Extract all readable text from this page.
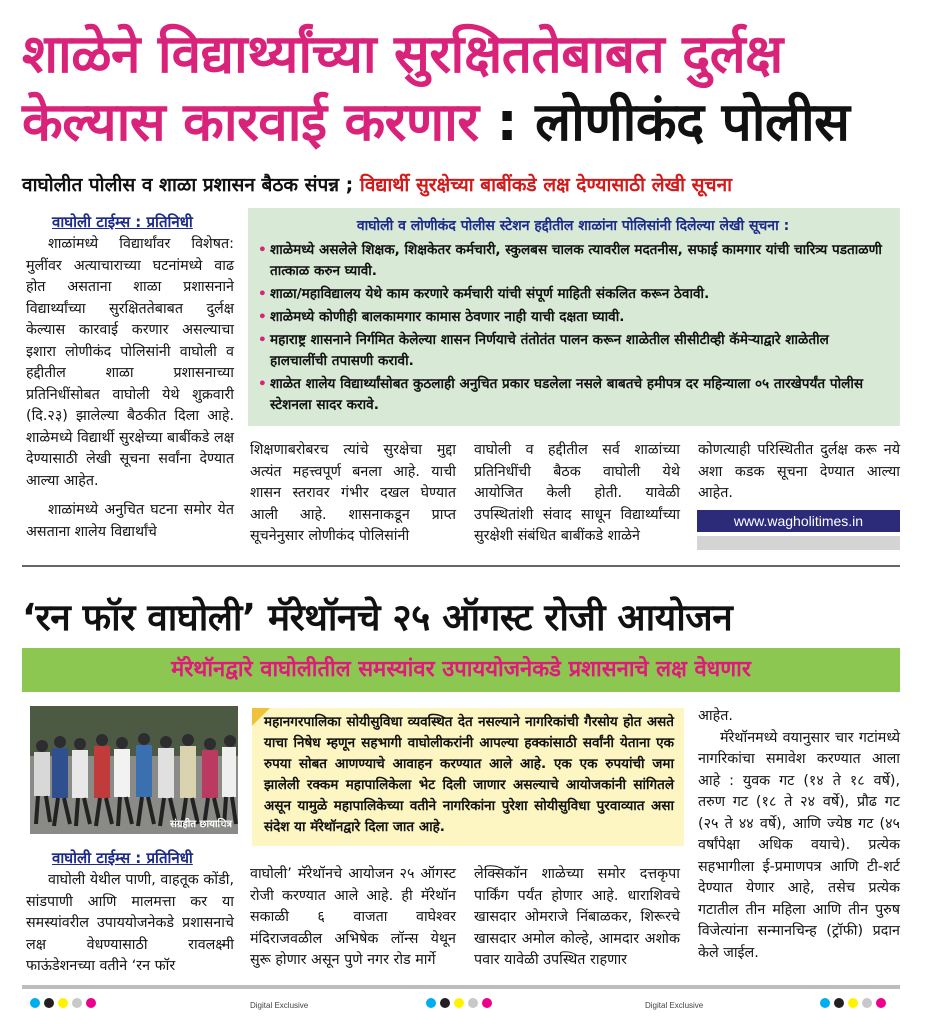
शाळेने विद्यार्थ्यांच्या सुरक्षिततेबाबत दुर्लक्ष
केल्यास कारवाई करणार : लोणीकंद पोलीस
वाघोलीत पोलीस व शाळा प्रशासन बैठक संपन्न ; विद्यार्थी सुरक्षेच्या बाबींकडे लक्ष देण्यासाठी लेखी सूचना
वाघोली टाईम्स : प्रतिनिधी

शाळांमध्ये विद्यार्थांवर विशेषत: मुलींवर अत्याचाराच्या घटनांमध्ये वाढ होत असताना शाळा प्रशासनाने विद्यार्थ्यांच्या सुरक्षिततेबाबत दुर्लक्ष केल्यास कारवाई करणार असल्याचा इशारा लोणीकंद पोलिसांनी वाघोली व हद्दीतील शाळा प्रशासनाच्या प्रतिनिधींसोबत वाघोली येथे शुक्रवारी (दि.२३) झालेल्या बैठकीत दिला आहे. शाळेमध्ये विद्यार्थी सुरक्षेच्या बाबींकडे लक्ष देण्यासाठी लेखी सूचना सर्वांना देण्यात आल्या आहेत.

शाळांमध्ये अनुचित घटना समोर येत असताना शालेय विद्यार्थांचे

वाघोली व लोणीकंद पोलीस स्टेशन हद्दीतील शाळांना पोलिसांनी दिलेल्या लेखी सूचना :
• शाळेमध्ये असलेले शिक्षक, शिक्षकेतर कर्मचारी, स्कुलबस चालक त्यावरील मदतनीस, सफाई कामगार यांची चारित्र्य पडताळणी तात्काळ करुन घ्यावी.
• शाळा/महाविद्यालय येथे काम करणारे कर्मचारी यांची संपूर्ण माहिती संकलित करून ठेवावी.
• शाळेमध्ये कोणीही बालकामगार कामास ठेवणार नाही याची दक्षता घ्यावी.
• महाराष्ट्र शासनाने निर्गमित केलेल्या शासन निर्णयाचे तंतोतंत पालन करून शाळेतील सीसीटीव्ही कॅमेऱ्याद्वारे शाळेतील हालचालींची तपासणी करावी.
• शाळेत शालेय विद्यार्थ्यांसोबत कुठलाही अनुचित प्रकार घडलेला नसले बाबतचे हमीपत्र दर महिन्याला ०५ तारखेपर्यंत पोलीस स्टेशनला सादर करावे.
शिक्षणाबरोबरच त्यांचे सुरक्षेचा मुद्दा अत्यंत महत्त्वपूर्ण बनला आहे. याची शासन स्तरावर गंभीर दखल घेण्यात आली आहे. शासनाकडून प्राप्त सूचनेनुसार लोणीकंद पोलिसांनी
वाघोली व हद्दीतील सर्व शाळांच्या प्रतिनिधींची बैठक वाघोली येथे आयोजित केली होती. यावेळी उपस्थितांशी संवाद साधून विद्यार्थ्यांच्या सुरक्षेशी संबंधित बाबींकडे शाळेने
कोणत्याही परिस्थितीत दुर्लक्ष करू नये अशा कडक सूचना देण्यात आल्या आहेत.
www.wagholitimes.in
‘रन फॉर वाघोली’ मॅरेथॉनचे २५ ऑगस्ट रोजी आयोजन
मॅरेथॉनद्वारे वाघोलीतील समस्यांवर उपाययोजनेकडे प्रशासनाचे लक्ष वेधणार
संग्रहीत छायाचित्र

महानगरपालिका सोयीसुविधा व्यवस्थित देत नसल्याने नागरिकांची गैरसोय होत असते याचा निषेध म्हणून सहभागी वाघोलीकरांनी आपल्या हक्कांसाठी सर्वांनी येताना एक रुपया सोबत आणण्याचे आवाहन करण्यात आले आहे. एक एक रुपयांची जमा झालेली रक्कम महापालिकेला भेट दिली जाणार असल्याचे आयोजकांनी सांगितले असून यामुळे महापालिकेच्या वतीने नागरिकांना पुरेशा सोयीसुविधा पुरवाव्यात असा संदेश या मॅरेथॉनद्वारे दिला जात आहे.

वाघोली टाईम्स : प्रतिनिधी

वाघोली येथील पाणी, वाहतूक कोंडी, सांडपाणी आणि मालमत्ता कर या समस्यांवरील उपाययोजनेकडे प्रशासनाचे लक्ष वेधण्यासाठी रावलक्ष्मी फाऊंडेशनच्या वतीने ‘रन फॉर

वाघोली’ मॅरेथॉनचे आयोजन २५ ऑगस्ट रोजी करण्यात आले आहे. ही मॅरेथॉन सकाळी ६ वाजता वाघेश्वर मंदिराजवळील अभिषेक लॉन्स येथून सुरू होणार असून पुणे नगर रोड मार्गे
लेक्सिकॉन शाळेच्या समोर दत्तकृपा पार्किंग पर्यंत होणार आहे. धाराशिवचे खासदार ओमराजे निंबाळकर, शिरूरचे खासदार अमोल कोल्हे, आमदार अशोक पवार यावेळी उपस्थित राहणार
आहेत.

मॅरेथॉनमध्ये वयानुसार चार गटांमध्ये नागरिकांचा समावेश करण्यात आला आहे : युवक गट (१४ ते १८ वर्षे), तरुण गट (१८ ते २४ वर्षे), प्रौढ गट (२५ ते ४४ वर्षे), आणि ज्येष्ठ गट (४५ वर्षांपेक्षा अधिक वयाचे). प्रत्येक सहभागीला ई-प्रमाणपत्र आणि टी-शर्ट देण्यात येणार आहे, तसेच प्रत्येक गटातील तीन महिला आणि तीन पुरुष विजेत्यांना सन्मानचिन्ह (ट्रॉफी) प्रदान केले जाईल.

Digital Exclusive	Digital Exclusive
